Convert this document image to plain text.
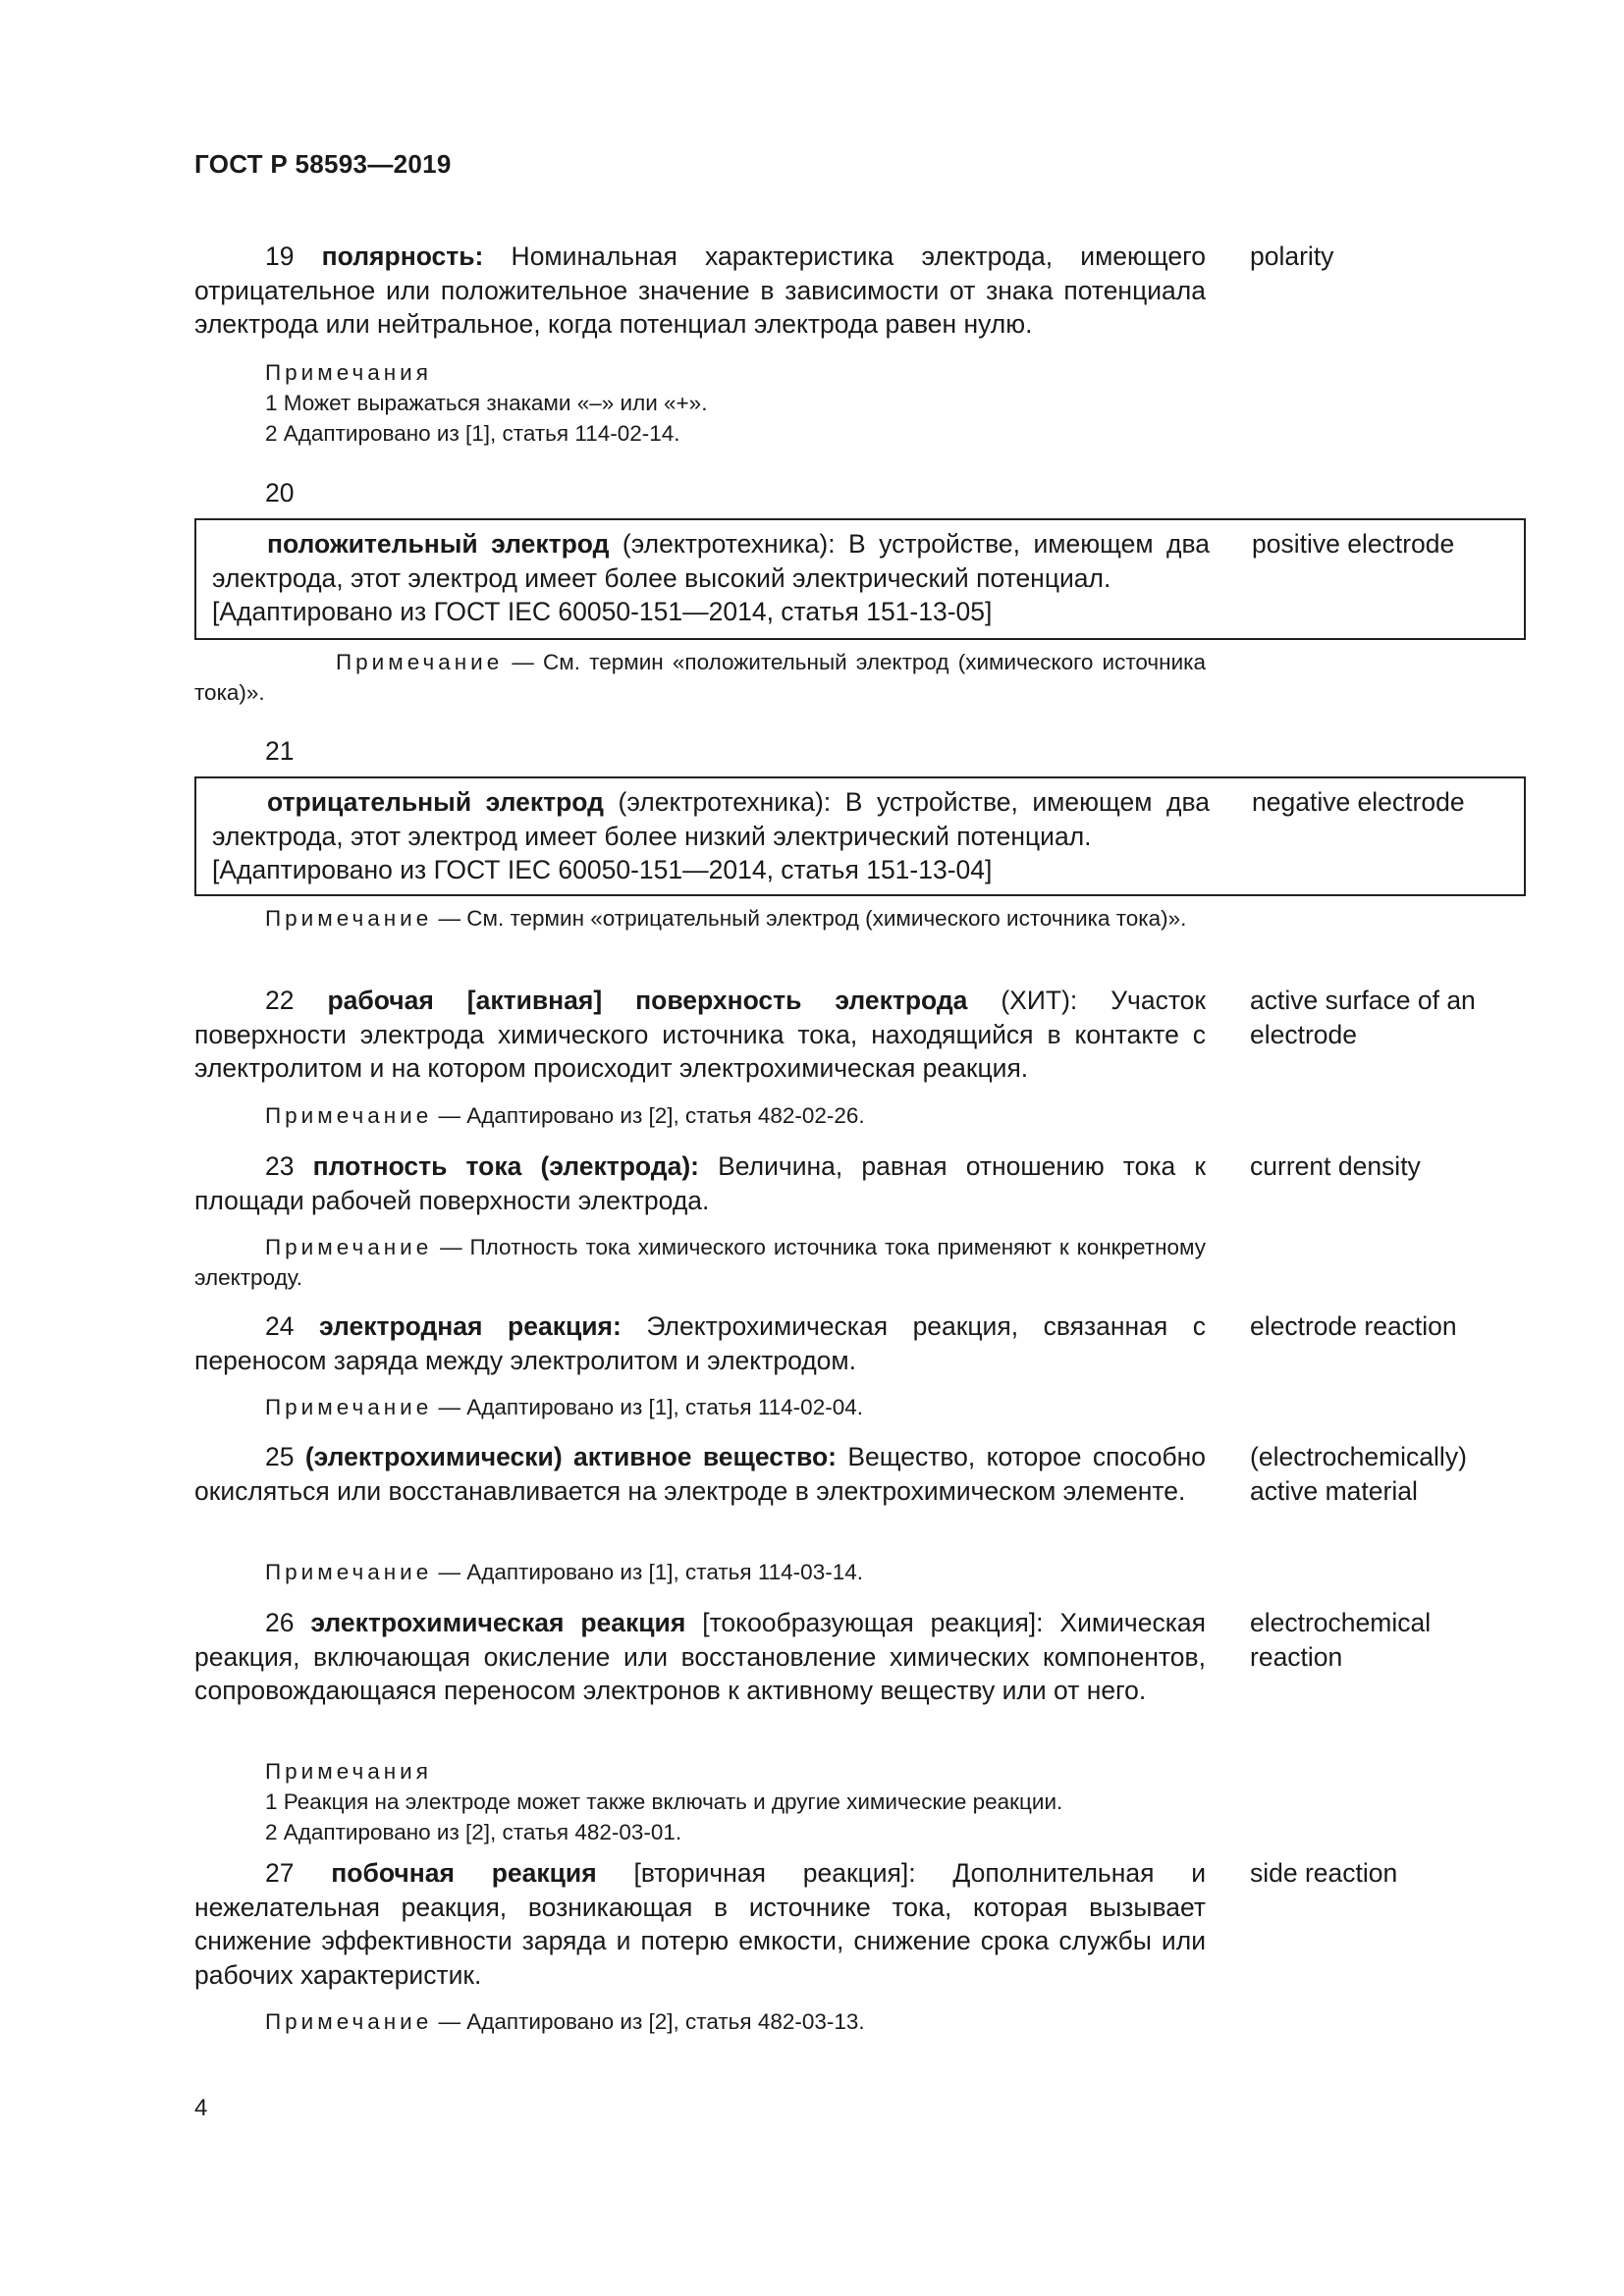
ГОСТ Р 58593—2019
19 полярность: Номинальная характеристика электрода, имеющего отрицательное или положительное значение в зависимости от знака потенциала электрода или нейтральное, когда потенциал электрода равен нулю.
polarity
Примечания
1 Может выражаться знаками «–» или «+».
2 Адаптировано из [1], статья 114-02-14.
20
положительный электрод (электротехника): В устройстве, имеющем два электрода, этот электрод имеет более высокий электрический потенциал.
[Адаптировано из ГОСТ IEC 60050-151—2014, статья 151-13-05]
positive electrode
Примечание — См. термин «положительный электрод (химического источника тока)».
21
отрицательный электрод (электротехника): В устройстве, имеющем два электрода, этот электрод имеет более низкий электрический потенциал.
[Адаптировано из ГОСТ IEC 60050-151—2014, статья 151-13-04]
negative electrode
Примечание — См. термин «отрицательный электрод (химического источника тока)».
22 рабочая [активная] поверхность электрода (ХИТ): Участок поверхности электрода химического источника тока, находящийся в контакте с электролитом и на котором происходит электрохимическая реакция.
active surface of an electrode
Примечание — Адаптировано из [2], статья 482-02-26.
23 плотность тока (электрода): Величина, равная отношению тока к площади рабочей поверхности электрода.
current density
Примечание — Плотность тока химического источника тока применяют к конкретному электроду.
24 электродная реакция: Электрохимическая реакция, связанная с переносом заряда между электролитом и электродом.
electrode reaction
Примечание — Адаптировано из [1], статья 114-02-04.
25 (электрохимически) активное вещество: Вещество, которое способно окисляться или восстанавливается на электроде в электрохимическом элементе.
(electrochemically) active material
Примечание — Адаптировано из [1], статья 114-03-14.
26 электрохимическая реакция [токообразующая реакция]: Химическая реакция, включающая окисление или восстановление химических компонентов, сопровождающаяся переносом электронов к активному веществу или от него.
electrochemical reaction
Примечания
1 Реакция на электроде может также включать и другие химические реакции.
2 Адаптировано из [2], статья 482-03-01.
27 побочная реакция [вторичная реакция]: Дополнительная и нежелательная реакция, возникающая в источнике тока, которая вызывает снижение эффективности заряда и потерю емкости, снижение срока службы или рабочих характеристик.
side reaction
Примечание — Адаптировано из [2], статья 482-03-13.
4
